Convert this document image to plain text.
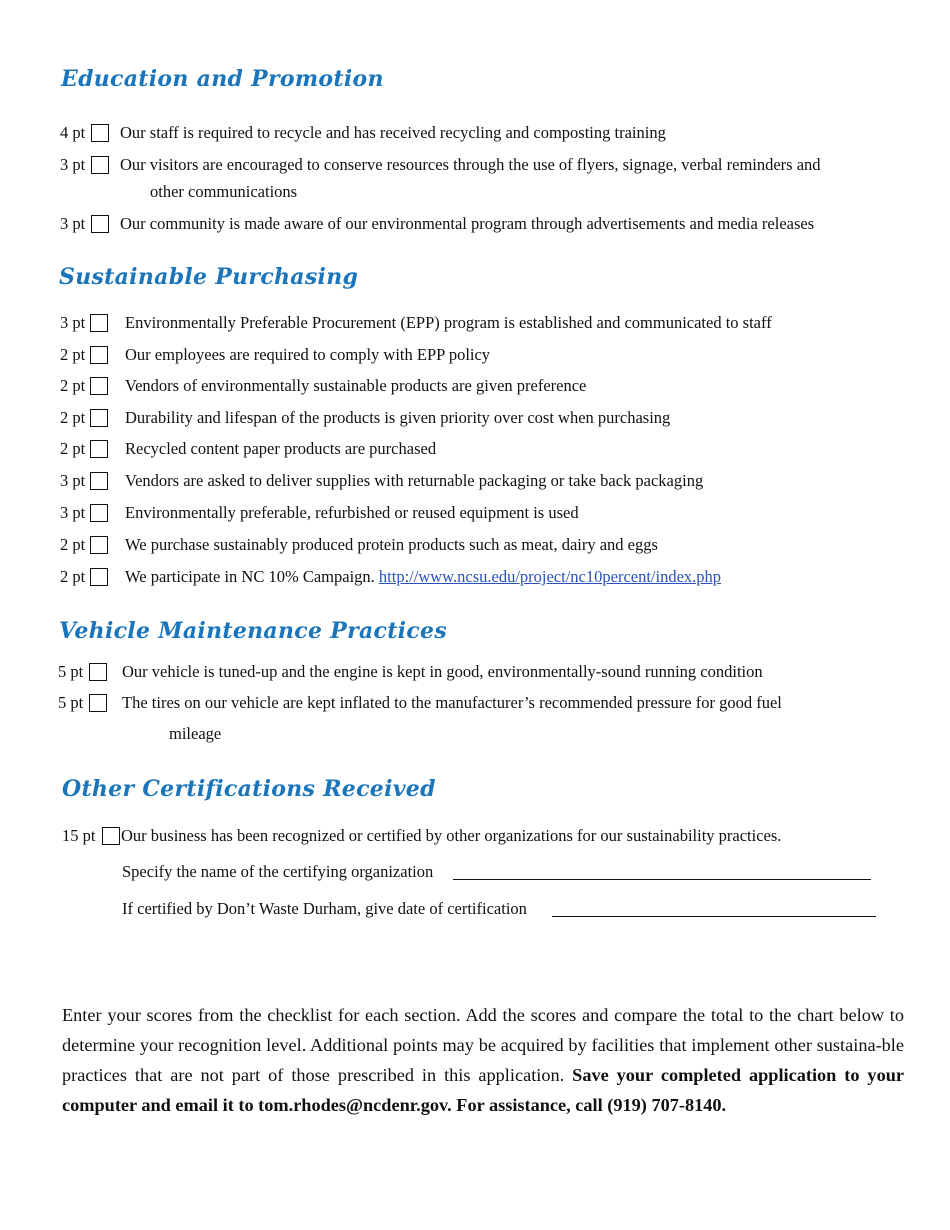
Education and Promotion
4 pt Our staff is required to recycle and has received recycling and composting training
3 pt Our visitors are encouraged to conserve resources through the use of flyers, signage, verbal reminders and
other communications
3 pt Our community is made aware of our environmental program through advertisements and media releases
Sustainable Purchasing
3 pt Environmentally Preferable Procurement (EPP) program is established and communicated to staff
2 pt Our employees are required to comply with EPP policy
2 pt Vendors of environmentally sustainable products are given preference
2 pt Durability and lifespan of the products is given priority over cost when purchasing
2 pt Recycled content paper products are purchased
3 pt Vendors are asked to deliver supplies with returnable packaging or take back packaging
3 pt Environmentally preferable, refurbished or reused equipment is used
2 pt We purchase sustainably produced protein products such as meat, dairy and eggs
2 pt We participate in NC 10% Campaign. http://www.ncsu.edu/project/nc10percent/index.php
Vehicle Maintenance Practices
5 pt Our vehicle is tuned-up and the engine is kept in good, environmentally-sound running condition
5 pt The tires on our vehicle are kept inflated to the manufacturer’s recommended pressure for good fuel
mileage
Other Certifications Received
15 pt Our business has been recognized or certified by other organizations for our sustainability practices.
Specify the name of the certifying organization
If certified by Don’t Waste Durham, give date of certification
Enter your scores from the checklist for each section. Add the scores and compare the total to the chart below to determine your recognition level. Additional points may be acquired by facilities that implement other sustaina-ble practices that are not part of those prescribed in this application. Save your completed application to your computer and email it to tom.rhodes@ncdenr.gov. For assistance, call (919) 707-8140.
